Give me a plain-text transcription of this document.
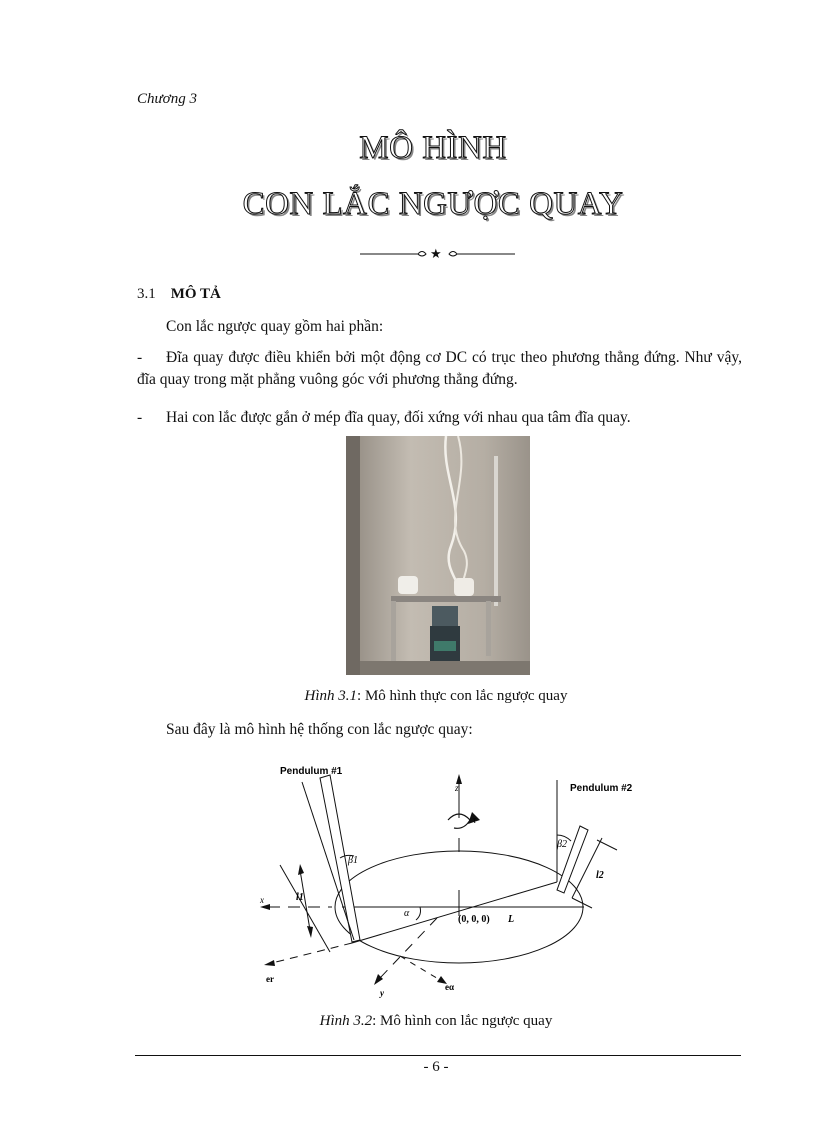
Chương 3
MÔ HÌNH
CON LẮC NGƯỢC QUAY
★
3.1 MÔ TẢ
Con lắc ngược quay gồm hai phần:
- Đĩa quay được điều khiển bởi một động cơ DC có trục theo phương thẳng đứng. Như vậy, đĩa quay trong mặt phẳng vuông góc với phương thẳng đứng.
- Hai con lắc được gắn ở mép đĩa quay, đối xứng với nhau qua tâm đĩa quay.
Hình 3.1: Mô hình thực con lắc ngược quay
Sau đây là mô hình hệ thống con lắc ngược quay:
Pendulum #1
Pendulum #2
z
τ
β1
β2
l1
l2
x
α
(0, 0, 0) L
er
y
eα
Hình 3.2: Mô hình con lắc ngược quay
- 6 -
